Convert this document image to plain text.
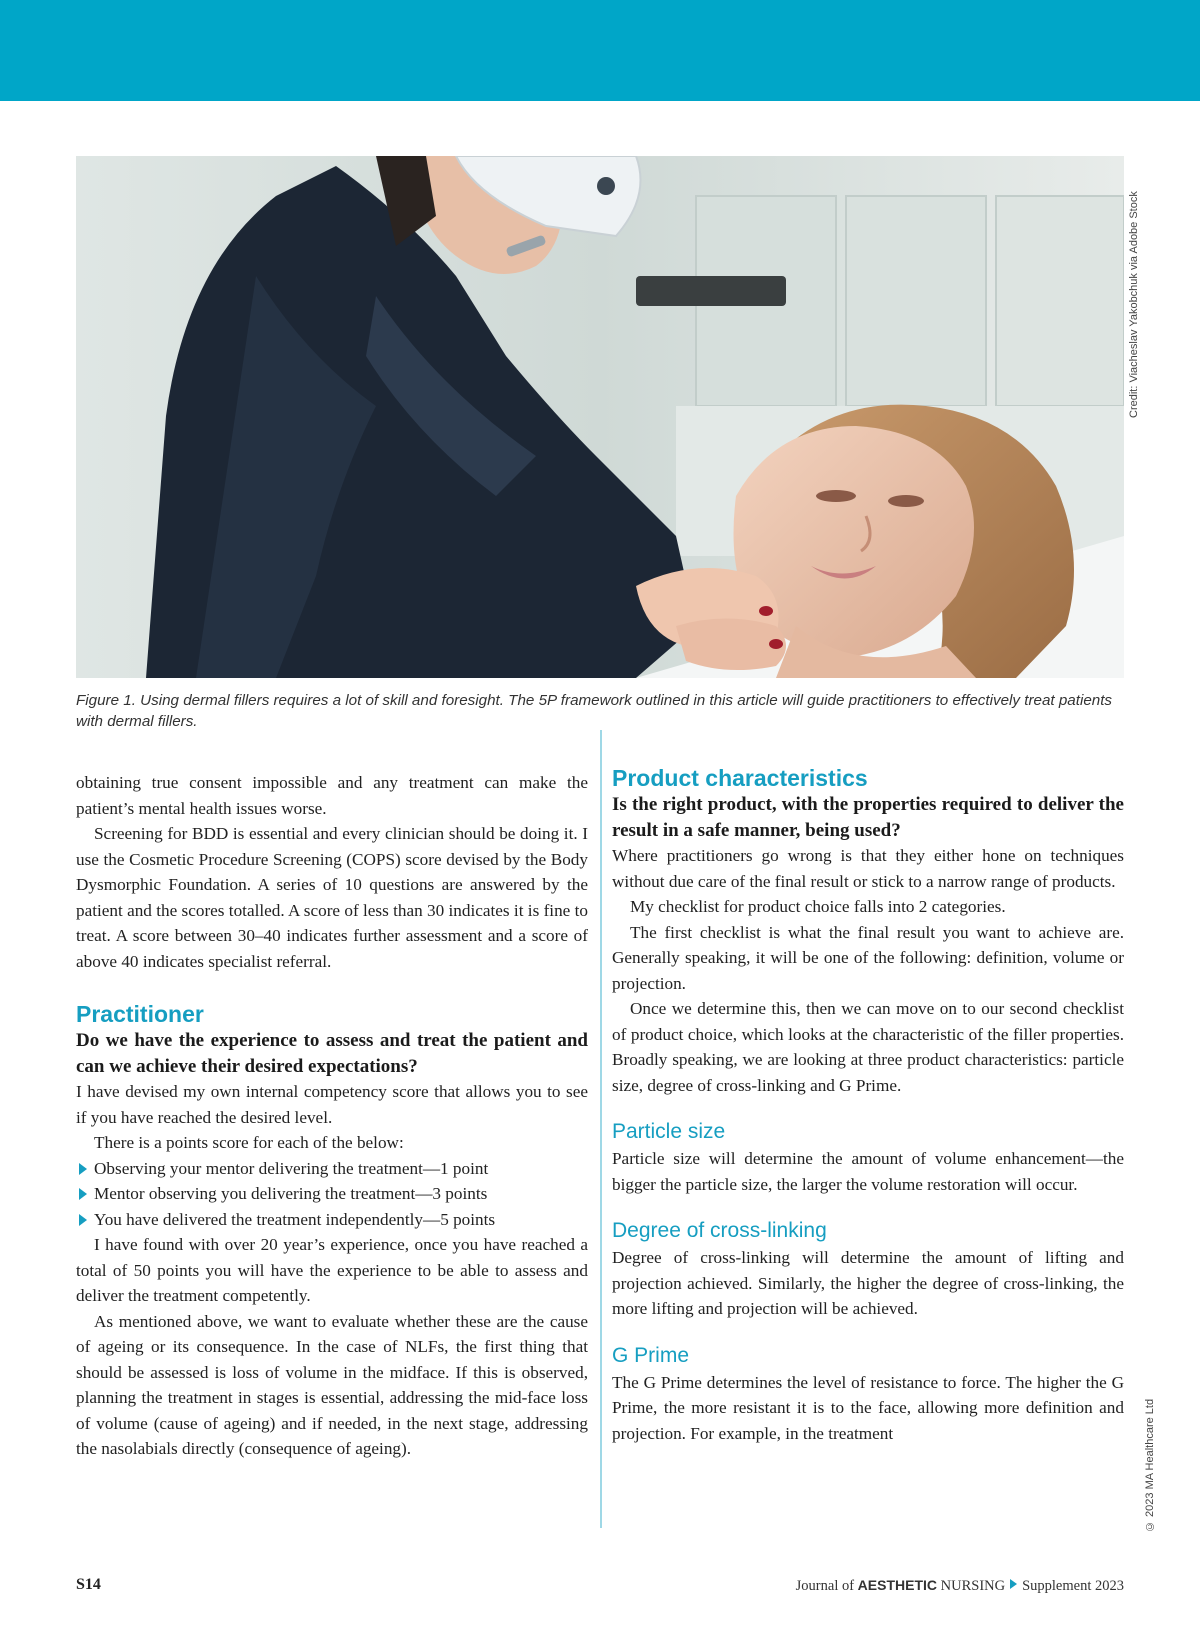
Credit: Viacheslav Yakobchuk via Adobe Stock
Figure 1. Using dermal fillers requires a lot of skill and foresight. The 5P framework outlined in this article will guide practitioners to effectively treat patients with dermal fillers.

obtaining true consent impossible and any treatment can make the patient’s mental health issues worse.

Screening for BDD is essential and every clinician should be doing it. I use the Cosmetic Procedure Screening (COPS) score devised by the Body Dysmorphic Foundation. A series of 10 questions are answered by the patient and the scores totalled. A score of less than 30 indicates it is fine to treat. A score between 30–40 indicates further assessment and a score of above 40 indicates specialist referral.

Practitioner

Do we have the experience to assess and treat the patient and can we achieve their desired expectations?

I have devised my own internal competency score that allows you to see if you have reached the desired level.

There is a points score for each of the below:

Observing your mentor delivering the treatment—1 point
Mentor observing you delivering the treatment—3 points
You have delivered the treatment independently—5 points

I have found with over 20 year’s experience, once you have reached a total of 50 points you will have the experience to be able to assess and deliver the treatment competently.

As mentioned above, we want to evaluate whether these are the cause of ageing or its consequence. In the case of NLFs, the first thing that should be assessed is loss of volume in the midface. If this is observed, planning the treatment in stages is essential, addressing the mid-face loss of volume (cause of ageing) and if needed, in the next stage, addressing the nasolabials directly (consequence of ageing).

Product characteristics

Is the right product, with the properties required to deliver the result in a safe manner, being used?

Where practitioners go wrong is that they either hone on techniques without due care of the final result or stick to a narrow range of products.

My checklist for product choice falls into 2 categories.

The first checklist is what the final result you want to achieve are. Generally speaking, it will be one of the following: definition, volume or projection.

Once we determine this, then we can move on to our second checklist of product choice, which looks at the characteristic of the filler properties. Broadly speaking, we are looking at three product characteristics: particle size, degree of cross-linking and G Prime.

Particle size

Particle size will determine the amount of volume enhancement—the bigger the particle size, the larger the volume restoration will occur.

Degree of cross-linking

Degree of cross-linking will determine the amount of lifting and projection achieved. Similarly, the higher the degree of cross-linking, the more lifting and projection will be achieved.

G Prime

The G Prime determines the level of resistance to force. The higher the G Prime, the more resistant it is to the face, allowing more definition and projection. For example, in the treatment	© 2023 MA Healthcare Ltd
S14	Journal of AESTHETIC NURSING Supplement 2023
